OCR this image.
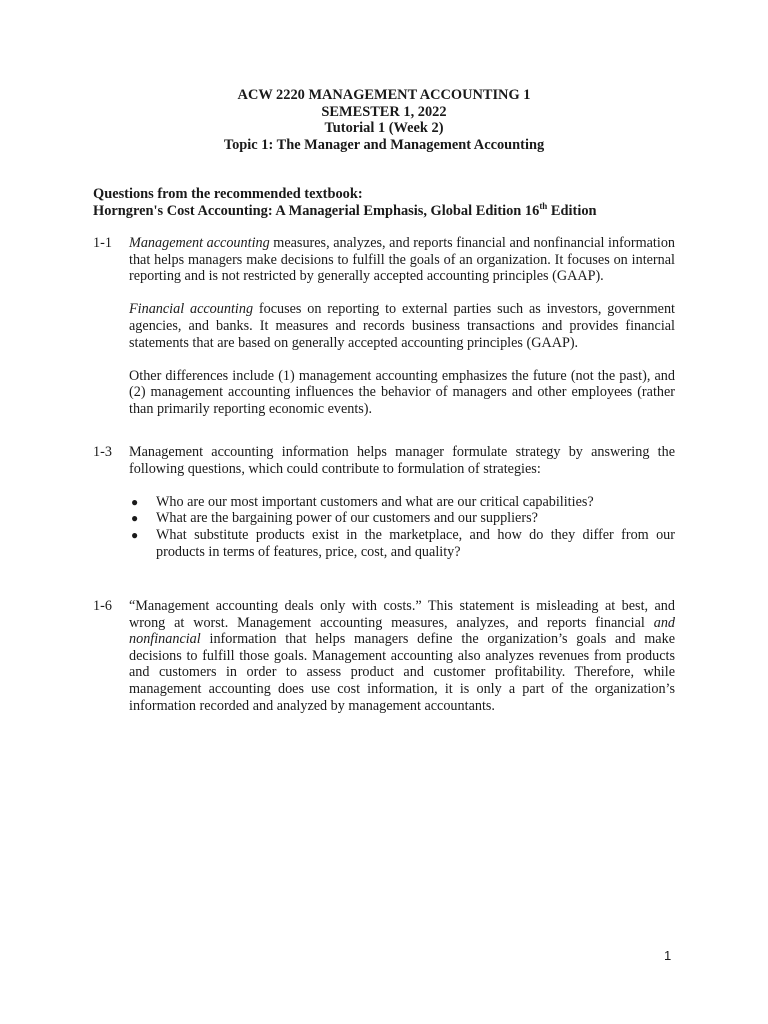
ACW 2220 MANAGEMENT ACCOUNTING 1
SEMESTER 1, 2022
Tutorial 1 (Week 2)
Topic 1: The Manager and Management Accounting
Questions from the recommended textbook:
Horngren's Cost Accounting: A Managerial Emphasis, Global Edition 16th Edition
1-1	Management accounting measures, analyzes, and reports financial and nonfinancial information that helps managers make decisions to fulfill the goals of an organization. It focuses on internal reporting and is not restricted by generally accepted accounting principles (GAAP).

Financial accounting focuses on reporting to external parties such as investors, government agencies, and banks. It measures and records business transactions and provides financial statements that are based on generally accepted accounting principles (GAAP).

Other differences include (1) management accounting emphasizes the future (not the past), and (2) management accounting influences the behavior of managers and other employees (rather than primarily reporting economic events).

1-3	Management accounting information helps manager formulate strategy by answering the following questions, which could contribute to formulation of strategies:

● Who are our most important customers and what are our critical capabilities?
● What are the bargaining power of our customers and our suppliers?
● What substitute products exist in the marketplace, and how do they differ from our products in terms of features, price, cost, and quality?
1-6	“Management accounting deals only with costs.” This statement is misleading at best, and wrong at worst. Management accounting measures, analyzes, and reports financial and nonfinancial information that helps managers define the organization’s goals and make decisions to fulfill those goals. Management accounting also analyzes revenues from products and customers in order to assess product and customer profitability. Therefore, while management accounting does use cost information, it is only a part of the organization’s information recorded and analyzed by management accountants.

1
